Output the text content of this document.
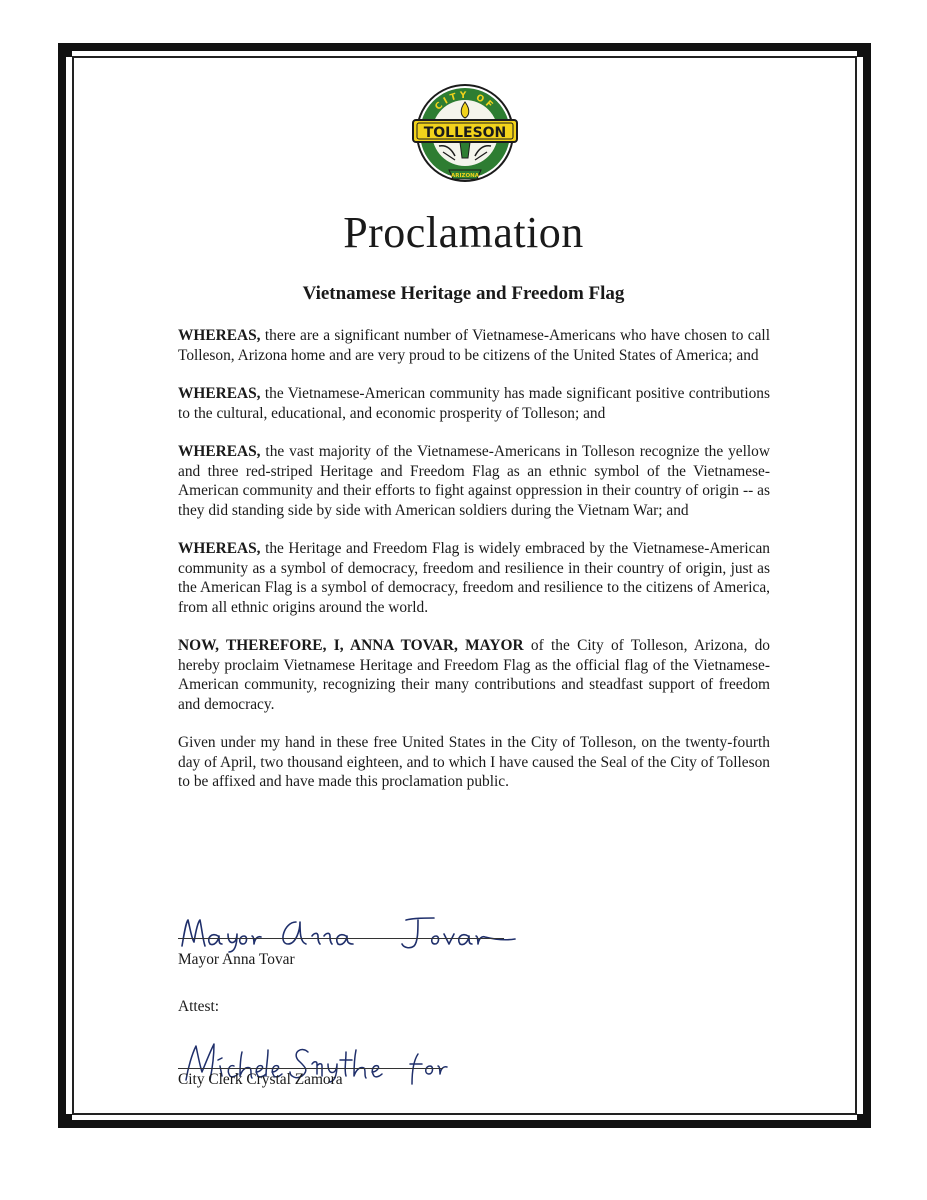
CITY OF
TOLLESON
ARIZONA
Proclamation
Vietnamese Heritage and Freedom Flag

WHEREAS, there are a significant number of Vietnamese-Americans who have chosen to call Tolleson, Arizona home and are very proud to be citizens of the United States of America; and

WHEREAS, the Vietnamese-American community has made significant positive contributions to the cultural, educational, and economic prosperity of Tolleson; and

WHEREAS, the vast majority of the Vietnamese-Americans in Tolleson recognize the yellow and three red-striped Heritage and Freedom Flag as an ethnic symbol of the Vietnamese-American community and their efforts to fight against oppression in their country of origin -- as they did standing side by side with American soldiers during the Vietnam War; and

WHEREAS, the Heritage and Freedom Flag is widely embraced by the Vietnamese-American community as a symbol of democracy, freedom and resilience in their country of origin, just as the American Flag is a symbol of democracy, freedom and resilience to the citizens of America, from all ethnic origins around the world.

NOW, THEREFORE, I, ANNA TOVAR, MAYOR of the City of Tolleson, Arizona, do hereby proclaim Vietnamese Heritage and Freedom Flag as the official flag of the Vietnamese-American community, recognizing their many contributions and steadfast support of freedom and democracy.

Given under my hand in these free United States in the City of Tolleson, on the twenty-fourth day of April, two thousand eighteen, and to which I have caused the Seal of the City of Tolleson to be affixed and have made this proclamation public.

Mayor Anna Tovar
Attest:
City Clerk Crystal Zamora
